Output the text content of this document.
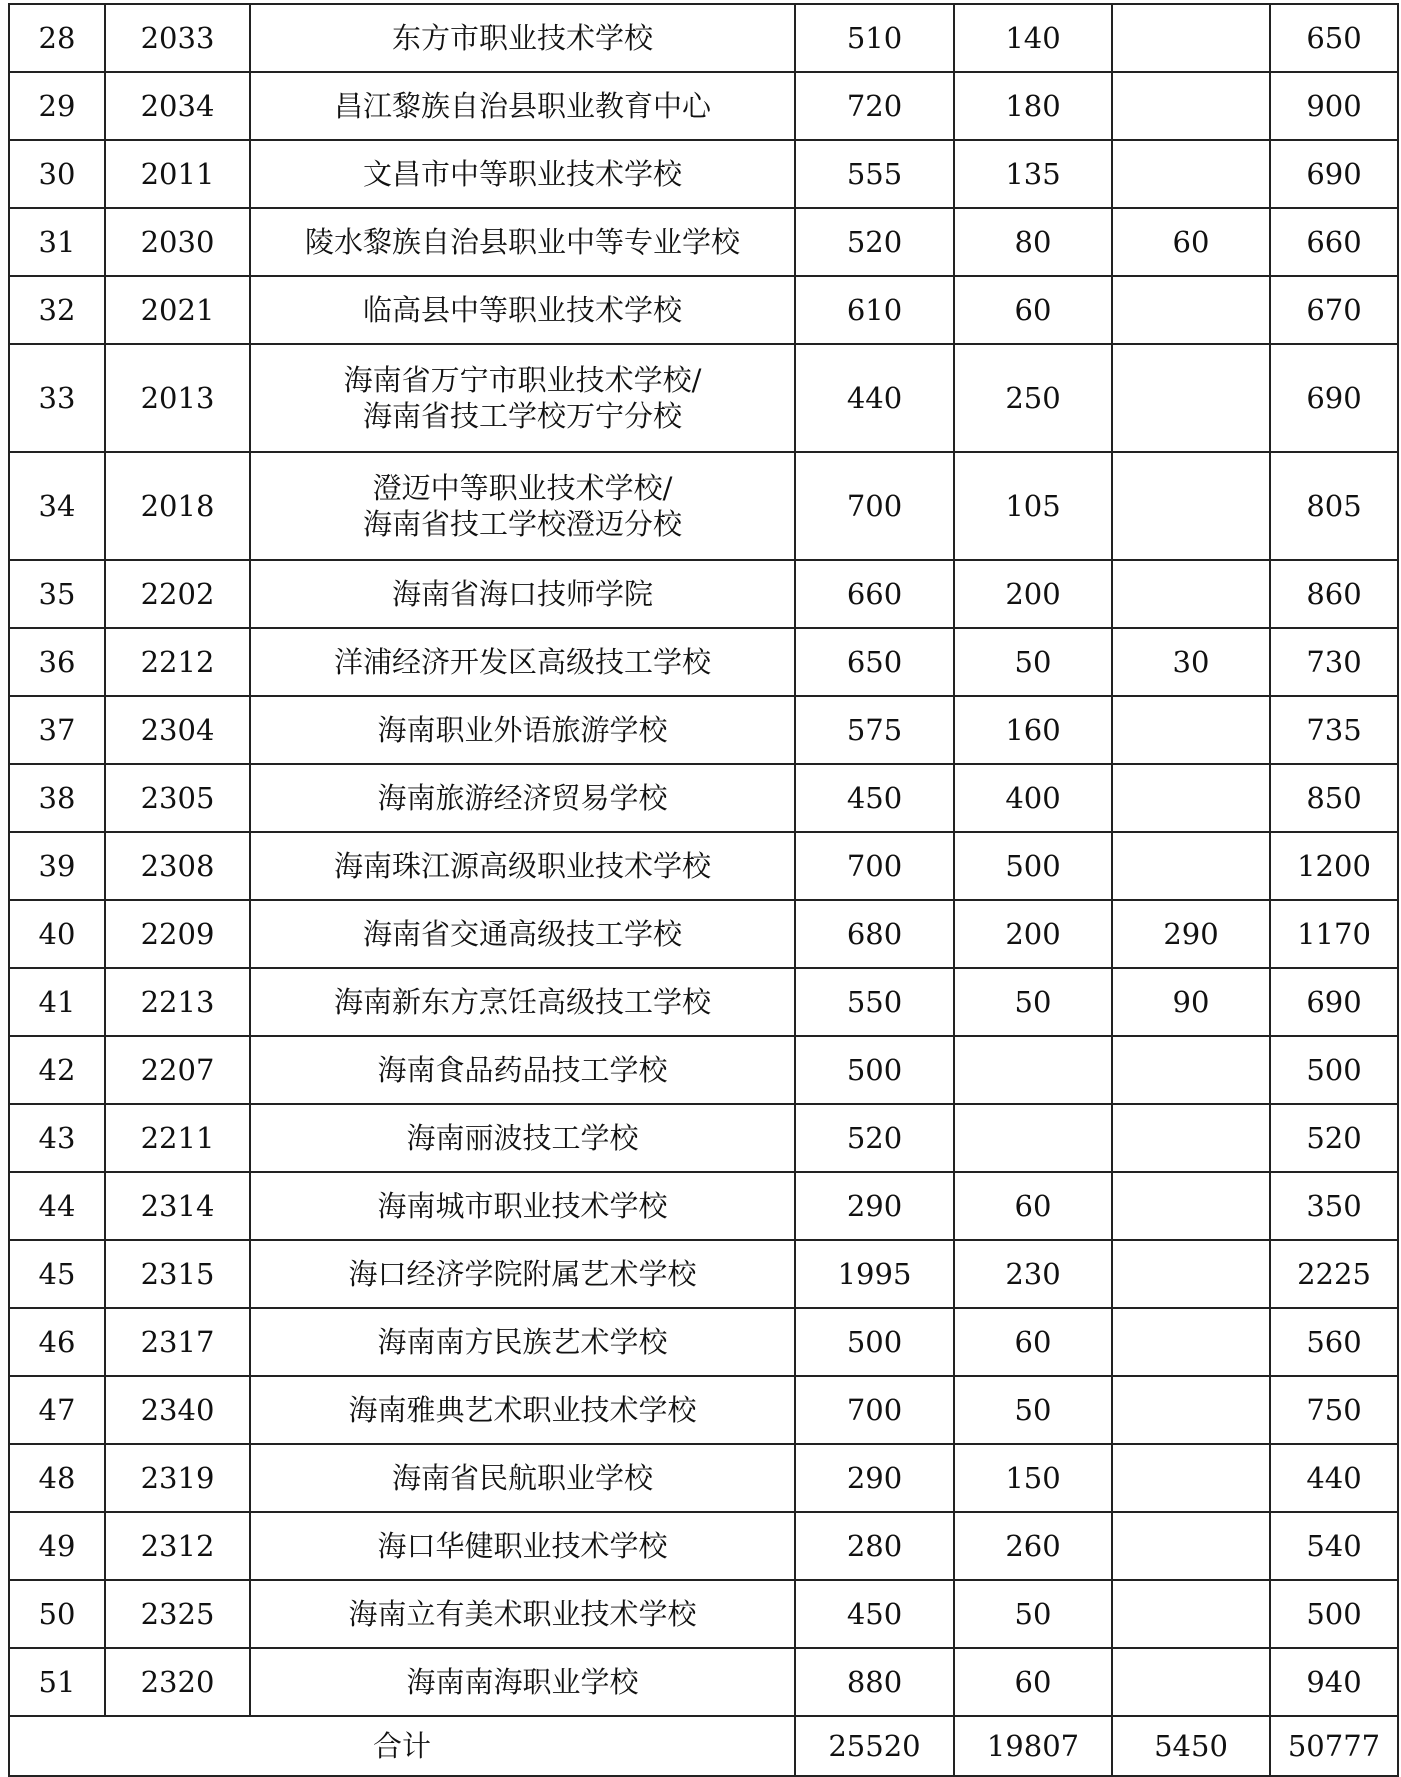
28	2033	东方市职业技术学校	510	140		650
29	2034	昌江黎族自治县职业教育中心	720	180		900
30	2011	文昌市中等职业技术学校	555	135		690
31	2030	陵水黎族自治县职业中等专业学校	520	80	60	660
32	2021	临高县中等职业技术学校	610	60		670
33	2013	海南省万宁市职业技术学校/
海南省技工学校万宁分校	440	250		690
34	2018	澄迈中等职业技术学校/
海南省技工学校澄迈分校	700	105		805
35	2202	海南省海口技师学院	660	200		860
36	2212	洋浦经济开发区高级技工学校	650	50	30	730
37	2304	海南职业外语旅游学校	575	160		735
38	2305	海南旅游经济贸易学校	450	400		850
39	2308	海南珠江源高级职业技术学校	700	500		1200
40	2209	海南省交通高级技工学校	680	200	290	1170
41	2213	海南新东方烹饪高级技工学校	550	50	90	690
42	2207	海南食品药品技工学校	500			500
43	2211	海南丽波技工学校	520			520
44	2314	海南城市职业技术学校	290	60		350
45	2315	海口经济学院附属艺术学校	1995	230		2225
46	2317	海南南方民族艺术学校	500	60		560
47	2340	海南雅典艺术职业技术学校	700	50		750
48	2319	海南省民航职业学校	290	150		440
49	2312	海口华健职业技术学校	280	260		540
50	2325	海南立有美术职业技术学校	450	50		500
51	2320	海南南海职业学校	880	60		940
合计			25520	19807	5450	50777
